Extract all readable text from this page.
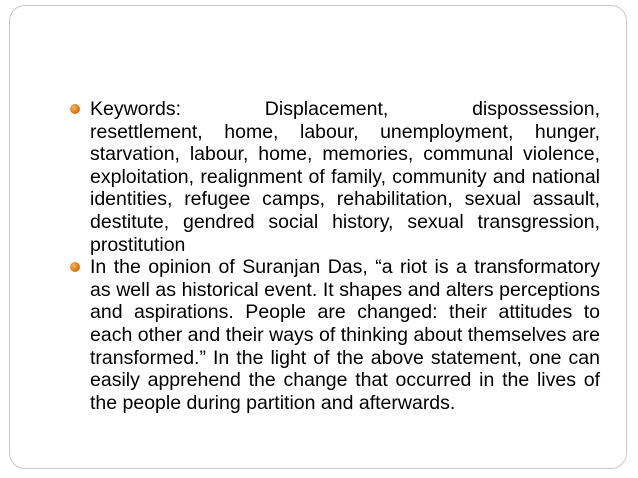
Keywords:	Displacement,	dispossession,
resettlement, home, labour, unemployment, hunger, starvation, labour, home, memories, communal violence, exploitation, realignment of family, community and national identities, refugee camps, rehabilitation, sexual assault, destitute, gendred social history, sexual transgression, prostitution
In the opinion of Suranjan Das, “a riot is a transformatory as well as historical event. It shapes and alters perceptions and aspirations. People are changed: their attitudes to each other and their ways of thinking about themselves are transformed.” In the light of the above statement, one can easily apprehend the change that occurred in the lives of the people during partition and afterwards.
